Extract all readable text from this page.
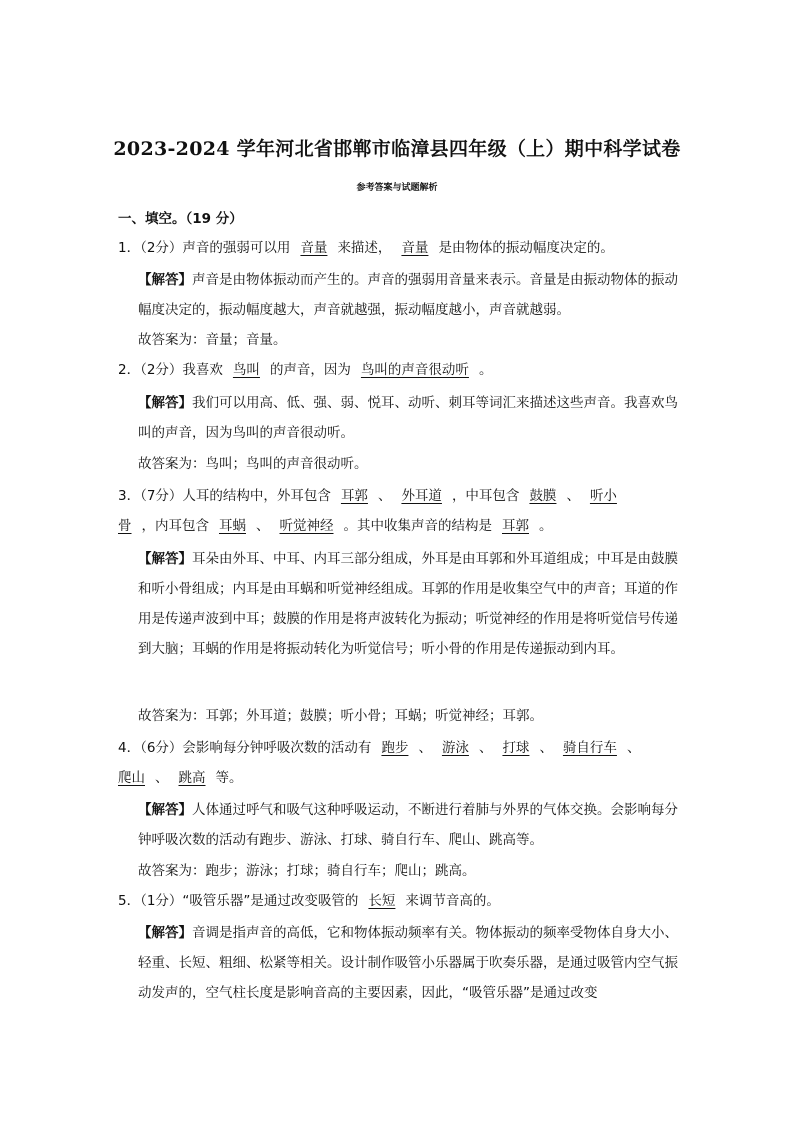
2023-2024 学年河北省邯郸市临漳县四年级（上）期中科学试卷
参考答案与试题解析
一、填空。（19 分）
1．（2分）声音的强弱可以用 音量 来描述， 音量 是由物体的振动幅度决定的。
【解答】声音是由物体振动而产生的。声音的强弱用音量来表示。音量是由振动物体的振动幅度决定的，振动幅度越大，声音就越强，振动幅度越小，声音就越弱。
故答案为：音量；音量。
2．（2分）我喜欢 鸟叫 的声音，因为 鸟叫的声音很动听 。
【解答】我们可以用高、低、强、弱、悦耳、动听、刺耳等词汇来描述这些声音。我喜欢鸟叫的声音，因为鸟叫的声音很动听。
故答案为：鸟叫；鸟叫的声音很动听。
3．（7分）人耳的结构中，外耳包含 耳郭 、 外耳道 ，中耳包含 鼓膜 、 听小
骨 ，内耳包含 耳蜗 、 听觉神经 。其中收集声音的结构是 耳郭 。
【解答】耳朵由外耳、中耳、内耳三部分组成，外耳是由耳郭和外耳道组成；中耳是由鼓膜和听小骨组成；内耳是由耳蜗和听觉神经组成。耳郭的作用是收集空气中的声音；耳道的作用是传递声波到中耳；鼓膜的作用是将声波转化为振动；听觉神经的作用是将听觉信号传递到大脑；耳蜗的作用是将振动转化为听觉信号；听小骨的作用是传递振动到内耳。
故答案为：耳郭；外耳道；鼓膜；听小骨；耳蜗；听觉神经；耳郭。
4．（6分）会影响每分钟呼吸次数的活动有 跑步 、 游泳 、 打球 、 骑自行车 、
爬山 、 跳高 等。
【解答】人体通过呼气和吸气这种呼吸运动，不断进行着肺与外界的气体交换。会影响每分钟呼吸次数的活动有跑步、游泳、打球、骑自行车、爬山、跳高等。
故答案为：跑步；游泳；打球；骑自行车；爬山；跳高。
5．（1分）“吸管乐器”是通过改变吸管的 长短 来调节音高的。
【解答】音调是指声音的高低，它和物体振动频率有关。物体振动的频率受物体自身大小、轻重、长短、粗细、松紧等相关。设计制作吸管小乐器属于吹奏乐器，是通过吸管内空气振动发声的，空气柱长度是影响音高的主要因素，因此，“吸管乐器”是通过改变
